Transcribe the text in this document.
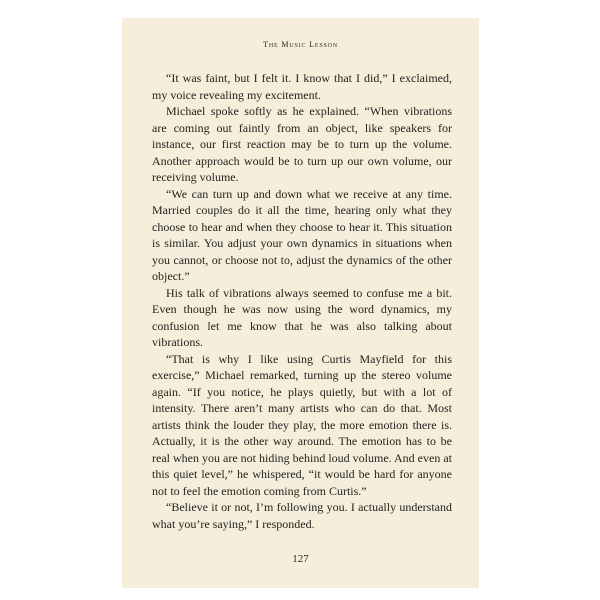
The Music Lesson

“It was faint, but I felt it. I know that I did,” I exclaimed, my voice revealing my excitement.

Michael spoke softly as he explained. “When vibrations are coming out faintly from an object, like speakers for instance, our first reaction may be to turn up the volume. Another approach would be to turn up our own volume, our receiving volume.

“We can turn up and down what we receive at any time. Married couples do it all the time, hearing only what they choose to hear and when they choose to hear it. This situation is similar. You adjust your own dynamics in situations when you cannot, or choose not to, adjust the dynamics of the other object.”

His talk of vibrations always seemed to confuse me a bit. Even though he was now using the word dynamics, my confusion let me know that he was also talking about vibrations.

“That is why I like using Curtis Mayfield for this exercise,” Michael remarked, turning up the stereo volume again. “If you notice, he plays quietly, but with a lot of intensity. There aren’t many artists who can do that. Most artists think the louder they play, the more emotion there is. Actually, it is the other way around. The emotion has to be real when you are not hiding behind loud volume. And even at this quiet level,” he whispered, “it would be hard for anyone not to feel the emotion coming from Curtis.”

“Believe it or not, I’m following you. I actually understand what you’re saying,” I responded.

127
